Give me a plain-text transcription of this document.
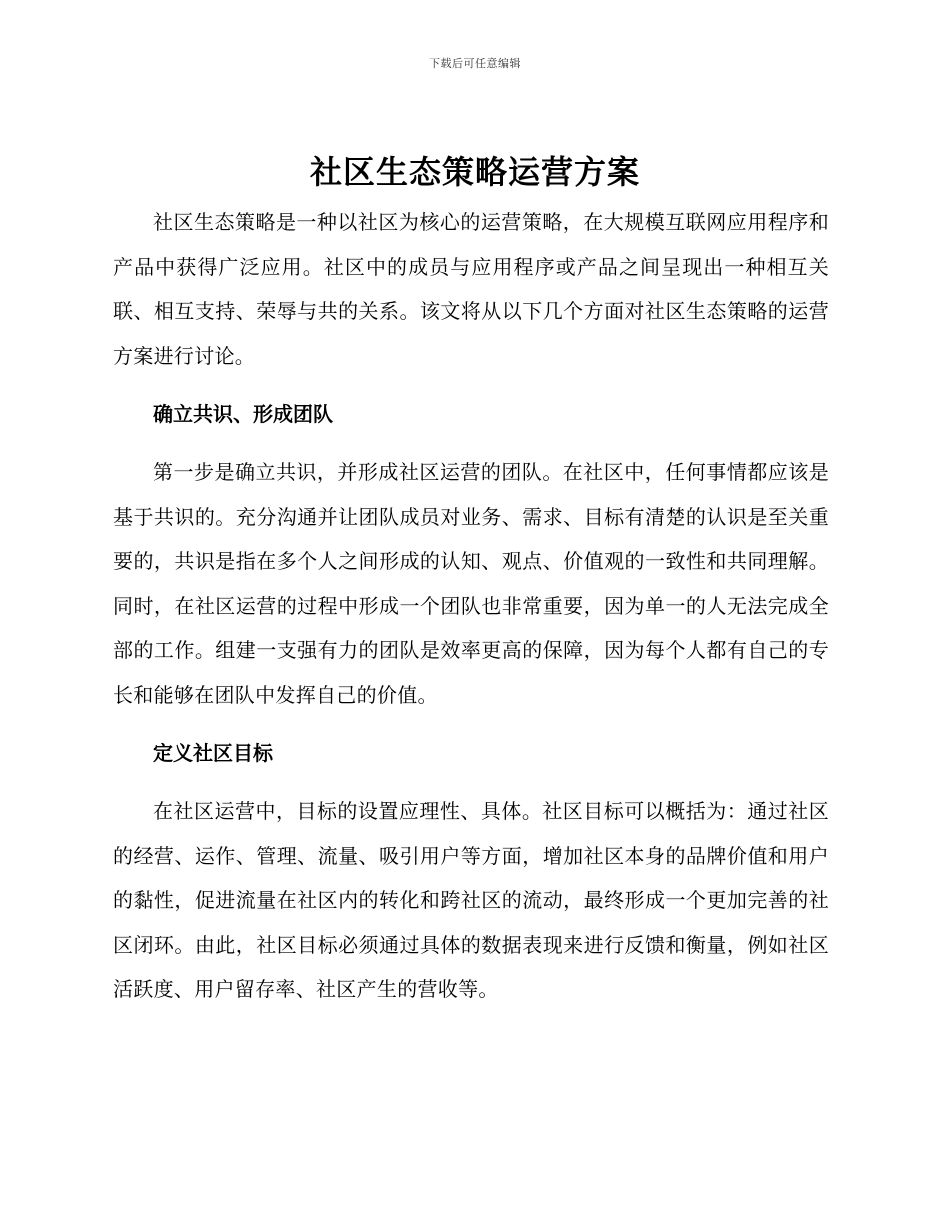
下载后可任意编辑
社区生态策略运营方案

社区生态策略是一种以社区为核心的运营策略，在大规模互联网应用程序和产品中获得广泛应用。社区中的成员与应用程序或产品之间呈现出一种相互关联、相互支持、荣辱与共的关系。该文将从以下几个方面对社区生态策略的运营方案进行讨论。

确立共识、形成团队

第一步是确立共识，并形成社区运营的团队。在社区中，任何事情都应该是基于共识的。充分沟通并让团队成员对业务、需求、目标有清楚的认识是至关重要的，共识是指在多个人之间形成的认知、观点、价值观的一致性和共同理解。同时，在社区运营的过程中形成一个团队也非常重要，因为单一的人无法完成全部的工作。组建一支强有力的团队是效率更高的保障，因为每个人都有自己的专长和能够在团队中发挥自己的价值。

定义社区目标

在社区运营中，目标的设置应理性、具体。社区目标可以概括为：通过社区的经营、运作、管理、流量、吸引用户等方面，增加社区本身的品牌价值和用户的黏性，促进流量在社区内的转化和跨社区的流动，最终形成一个更加完善的社区闭环。由此，社区目标必须通过具体的数据表现来进行反馈和衡量，例如社区活跃度、用户留存率、社区产生的营收等。
